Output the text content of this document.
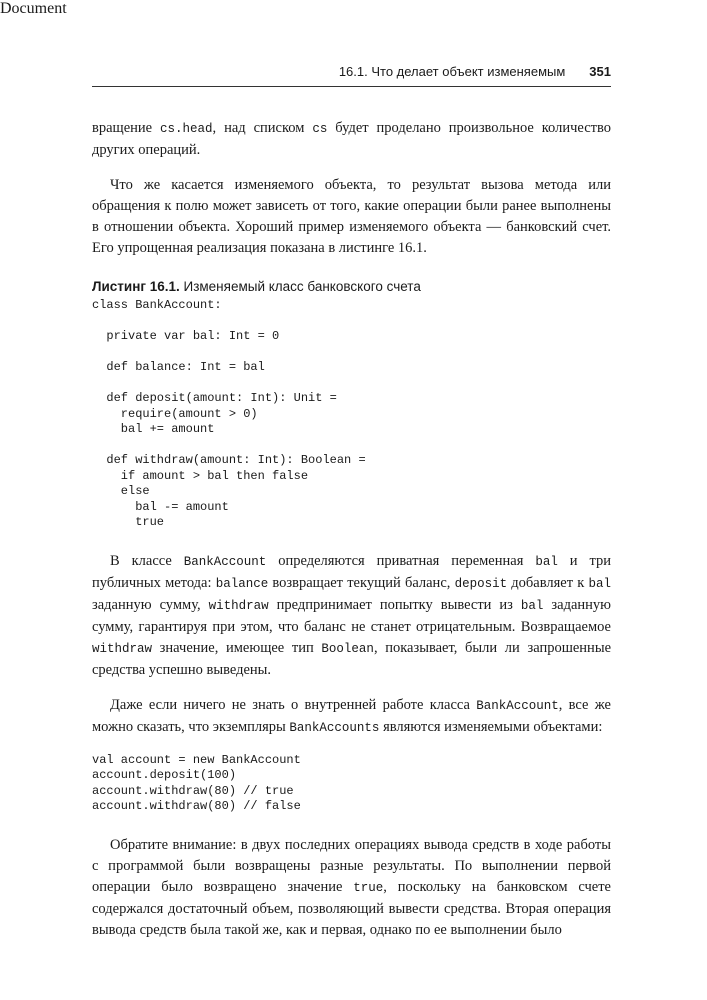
Document
16.1. Что делает объект изменяемым 351

вращение cs.head, над списком cs будет проделано произвольное количество других операций.

Что же касается изменяемого объекта, то результат вызова метода или обращения к полю может зависеть от того, какие операции были ранее выполнены в отношении объекта. Хороший пример изменяемого объекта — банковский счет. Его упрощенная реализация показана в листинге 16.1.

Листинг 16.1. Изменяемый класс банковского счета
class BankAccount:

private var bal: Int = 0

def balance: Int = bal

def deposit(amount: Int): Unit =
require(amount > 0)
bal += amount

def withdraw(amount: Int): Boolean =
if amount > bal then false
else
bal -= amount
true

В классе BankAccount определяются приватная переменная bal и три публичных метода: balance возвращает текущий баланс, deposit добавляет к bal заданную сумму, withdraw предпринимает попытку вывести из bal заданную сумму, гарантируя при этом, что баланс не станет отрицательным. Возвращаемое withdraw значение, имеющее тип Boolean, показывает, были ли запрошенные средства успешно выведены.

Даже если ничего не знать о внутренней работе класса BankAccount, все же можно сказать, что экземпляры BankAccounts являются изменяемыми объектами:

val account = new BankAccount
account.deposit(100)
account.withdraw(80) // true
account.withdraw(80) // false

Обратите внимание: в двух последних операциях вывода средств в ходе работы с программой были возвращены разные результаты. По выполнении первой операции было возвращено значение true, поскольку на банковском счете содержался достаточный объем, позволяющий вывести средства. Вторая операция вывода средств была такой же, как и первая, однако по ее выполнении было
